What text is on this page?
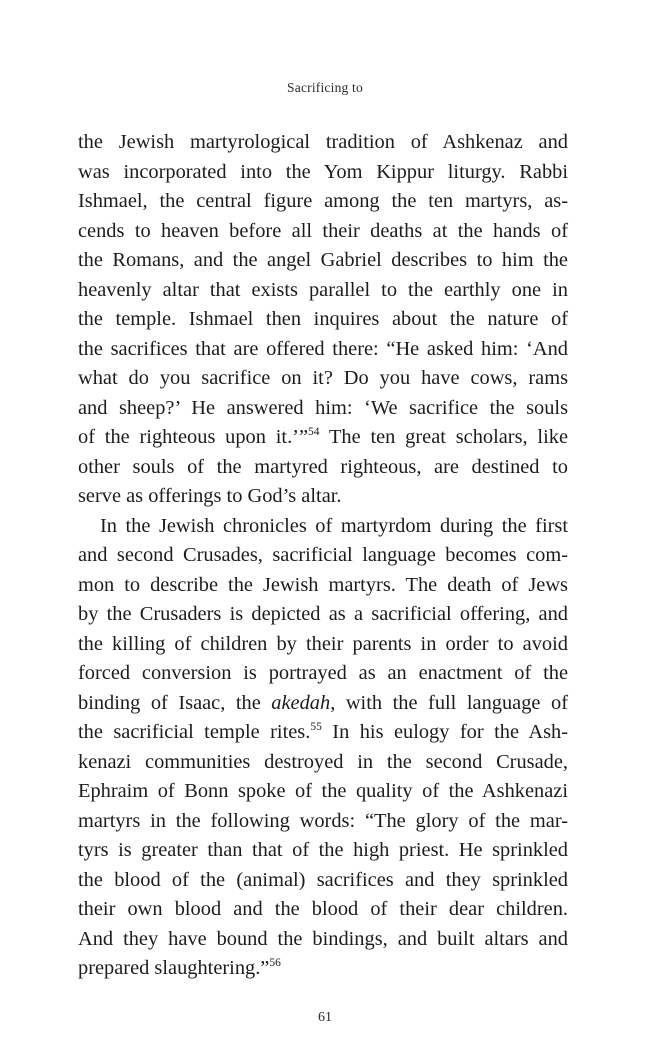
Sacrificing to
the Jewish martyrological tradition of Ashkenaz and
was incorporated into the Yom Kippur liturgy. Rabbi
Ishmael, the central figure among the ten martyrs, as-
cends to heaven before all their deaths at the hands of
the Romans, and the angel Gabriel describes to him the
heavenly altar that exists parallel to the earthly one in
the temple. Ishmael then inquires about the nature of
the sacrifices that are offered there: “He asked him: ‘And
what do you sacrifice on it? Do you have cows, rams
and sheep?’ He answered him: ‘We sacrifice the souls
of the righteous upon it.’”$^{54}$ The ten great scholars, like
other souls of the martyred righteous, are destined to
serve as offerings to God’s altar.
In the Jewish chronicles of martyrdom during the first
and second Crusades, sacrificial language becomes com-
mon to describe the Jewish martyrs. The death of Jews
by the Crusaders is depicted as a sacrificial offering, and
the killing of children by their parents in order to avoid
forced conversion is portrayed as an enactment of the
binding of Isaac, the akedah, with the full language of
the sacrificial temple rites.$^{55}$ In his eulogy for the Ash-
kenazi communities destroyed in the second Crusade,
Ephraim of Bonn spoke of the quality of the Ashkenazi
martyrs in the following words: “The glory of the mar-
tyrs is greater than that of the high priest. He sprinkled
the blood of the (animal) sacrifices and they sprinkled
their own blood and the blood of their dear children.
And they have bound the bindings, and built altars and
prepared slaughtering.”$^{56}$
61
